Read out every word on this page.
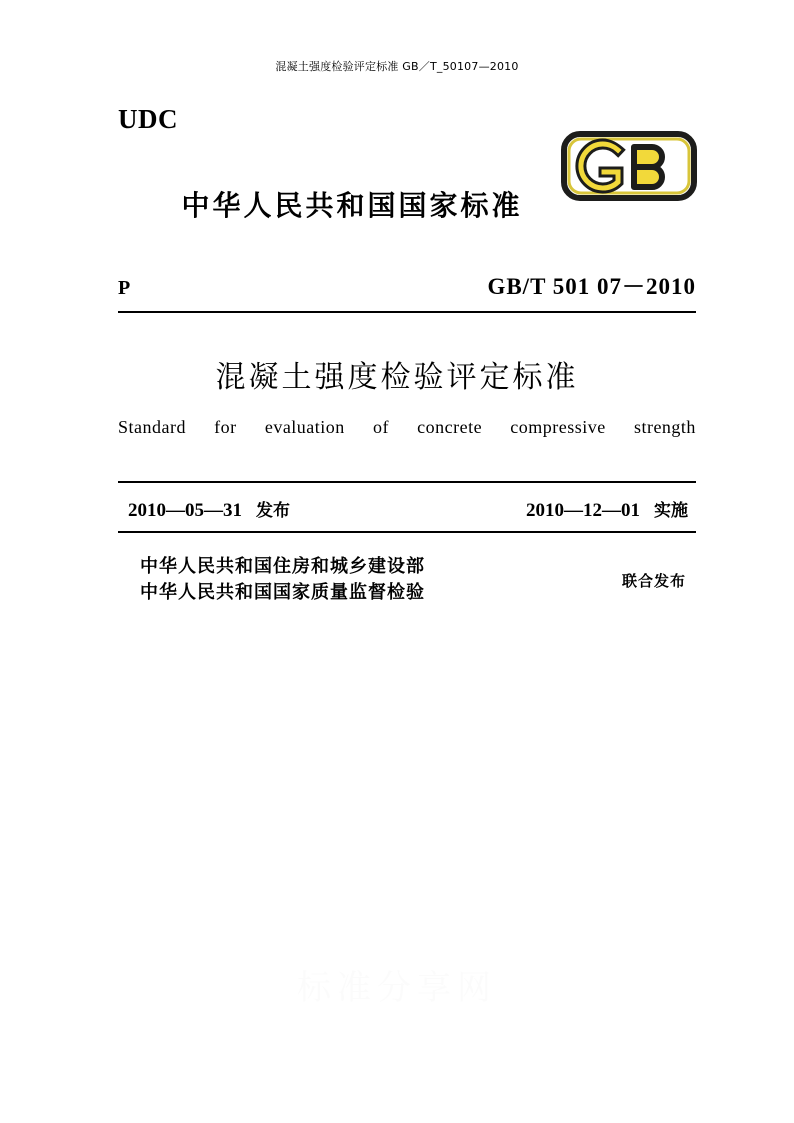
混凝土强度检验评定标准 GB／T_50107—2010
UDC
中华人民共和国国家标准
P	GB/T 501 07－2010
混凝土强度检验评定标准
Standard for evaluation of concrete compressive strength
2010—05—31 发布	2010—12—01 实施
中华人民共和国住房和城乡建设部
中华人民共和国国家质量监督检验
联合发布
标准分享网
